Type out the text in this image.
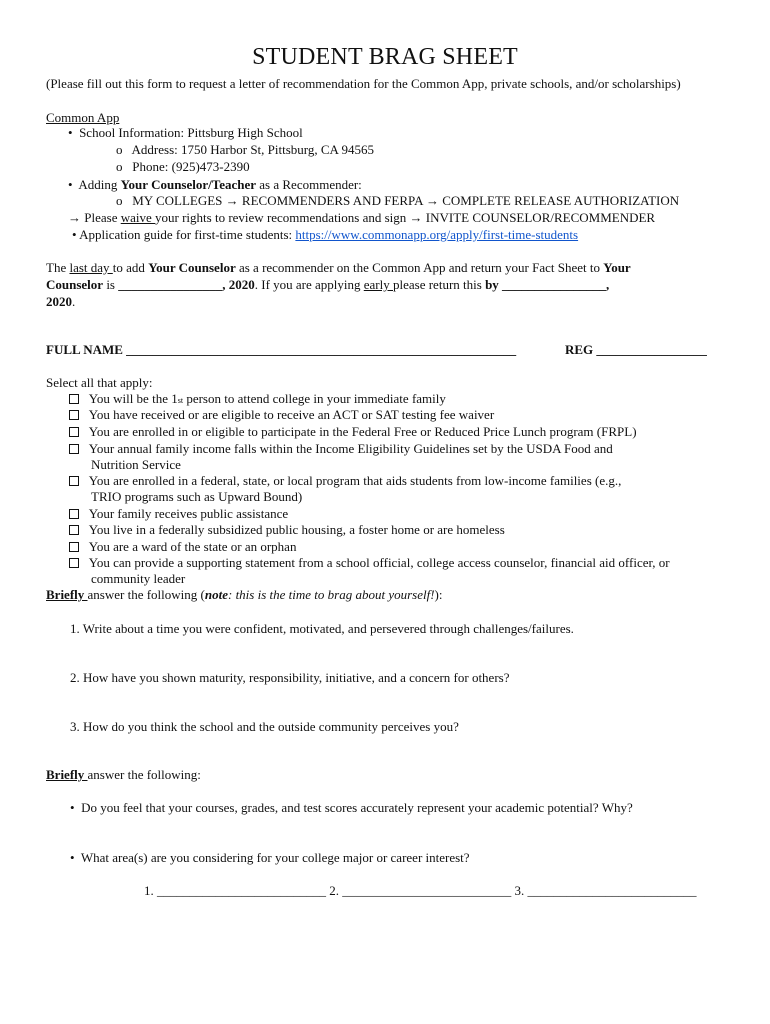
STUDENT BRAG SHEET
(Please fill out this form to request a letter of recommendation for the Common App, private schools, and/or scholarships)
Common App
• School Information: Pittsburg High School
o Address: 1750 Harbor St, Pittsburg, CA 94565
o Phone: (925)473-2390
• Adding Your Counselor/Teacher as a Recommender:
o MY COLLEGES → RECOMMENDERS AND FERPA → COMPLETE RELEASE AUTHORIZATION
→ Please waive your rights to review recommendations and sign → INVITE COUNSELOR/RECOMMENDER
• Application guide for first-time students: https://www.commonapp.org/apply/first-time-students
The last day to add Your Counselor as a recommender on the Common App and return your Fact Sheet to Your
Counselor is ________________, 2020. If you are applying early please return this by ________________,
2020.
FULL NAME ____________________________________________________________	REG _________________
Select all that apply:
You will be the 1st person to attend college in your immediate family
You have received or are eligible to receive an ACT or SAT testing fee waiver
You are enrolled in or eligible to participate in the Federal Free or Reduced Price Lunch program (FRPL)
Your annual family income falls within the Income Eligibility Guidelines set by the USDA Food and
Nutrition Service
You are enrolled in a federal, state, or local program that aids students from low-income families (e.g.,
TRIO programs such as Upward Bound)
Your family receives public assistance
You live in a federally subsidized public housing, a foster home or are homeless
You are a ward of the state or an orphan
You can provide a supporting statement from a school official, college access counselor, financial aid officer, or
community leader
Briefly answer the following (note: this is the time to brag about yourself!):
1. Write about a time you were confident, motivated, and persevered through challenges/failures.
2. How have you shown maturity, responsibility, initiative, and a concern for others?
3. How do you think the school and the outside community perceives you?
Briefly answer the following:
• Do you feel that your courses, grades, and test scores accurately represent your academic potential? Why?
• What area(s) are you considering for your college major or career interest?
1. __________________________ 2. __________________________ 3. __________________________
